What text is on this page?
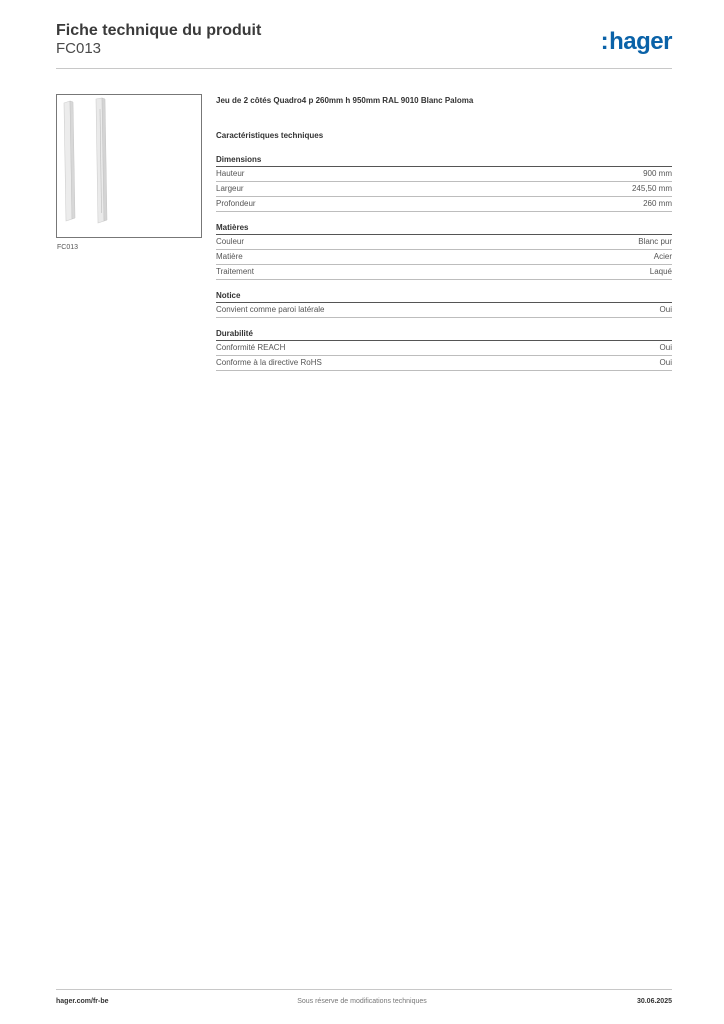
Fiche technique du produit
FC013	:hager
FC013
Jeu de 2 côtés Quadro4 p 260mm h 950mm RAL 9010 Blanc Paloma
Caractéristiques techniques
Dimensions
Hauteur	900 mm
Largeur	245,50 mm
Profondeur	260 mm
Matières
Couleur	Blanc pur
Matière	Acier
Traitement	Laqué
Notice
Convient comme paroi latérale	Oui
Durabilité
Conformité REACH	Oui
Conforme à la directive RoHS	Oui
hager.com/fr-be	Sous réserve de modifications techniques	30.06.2025
